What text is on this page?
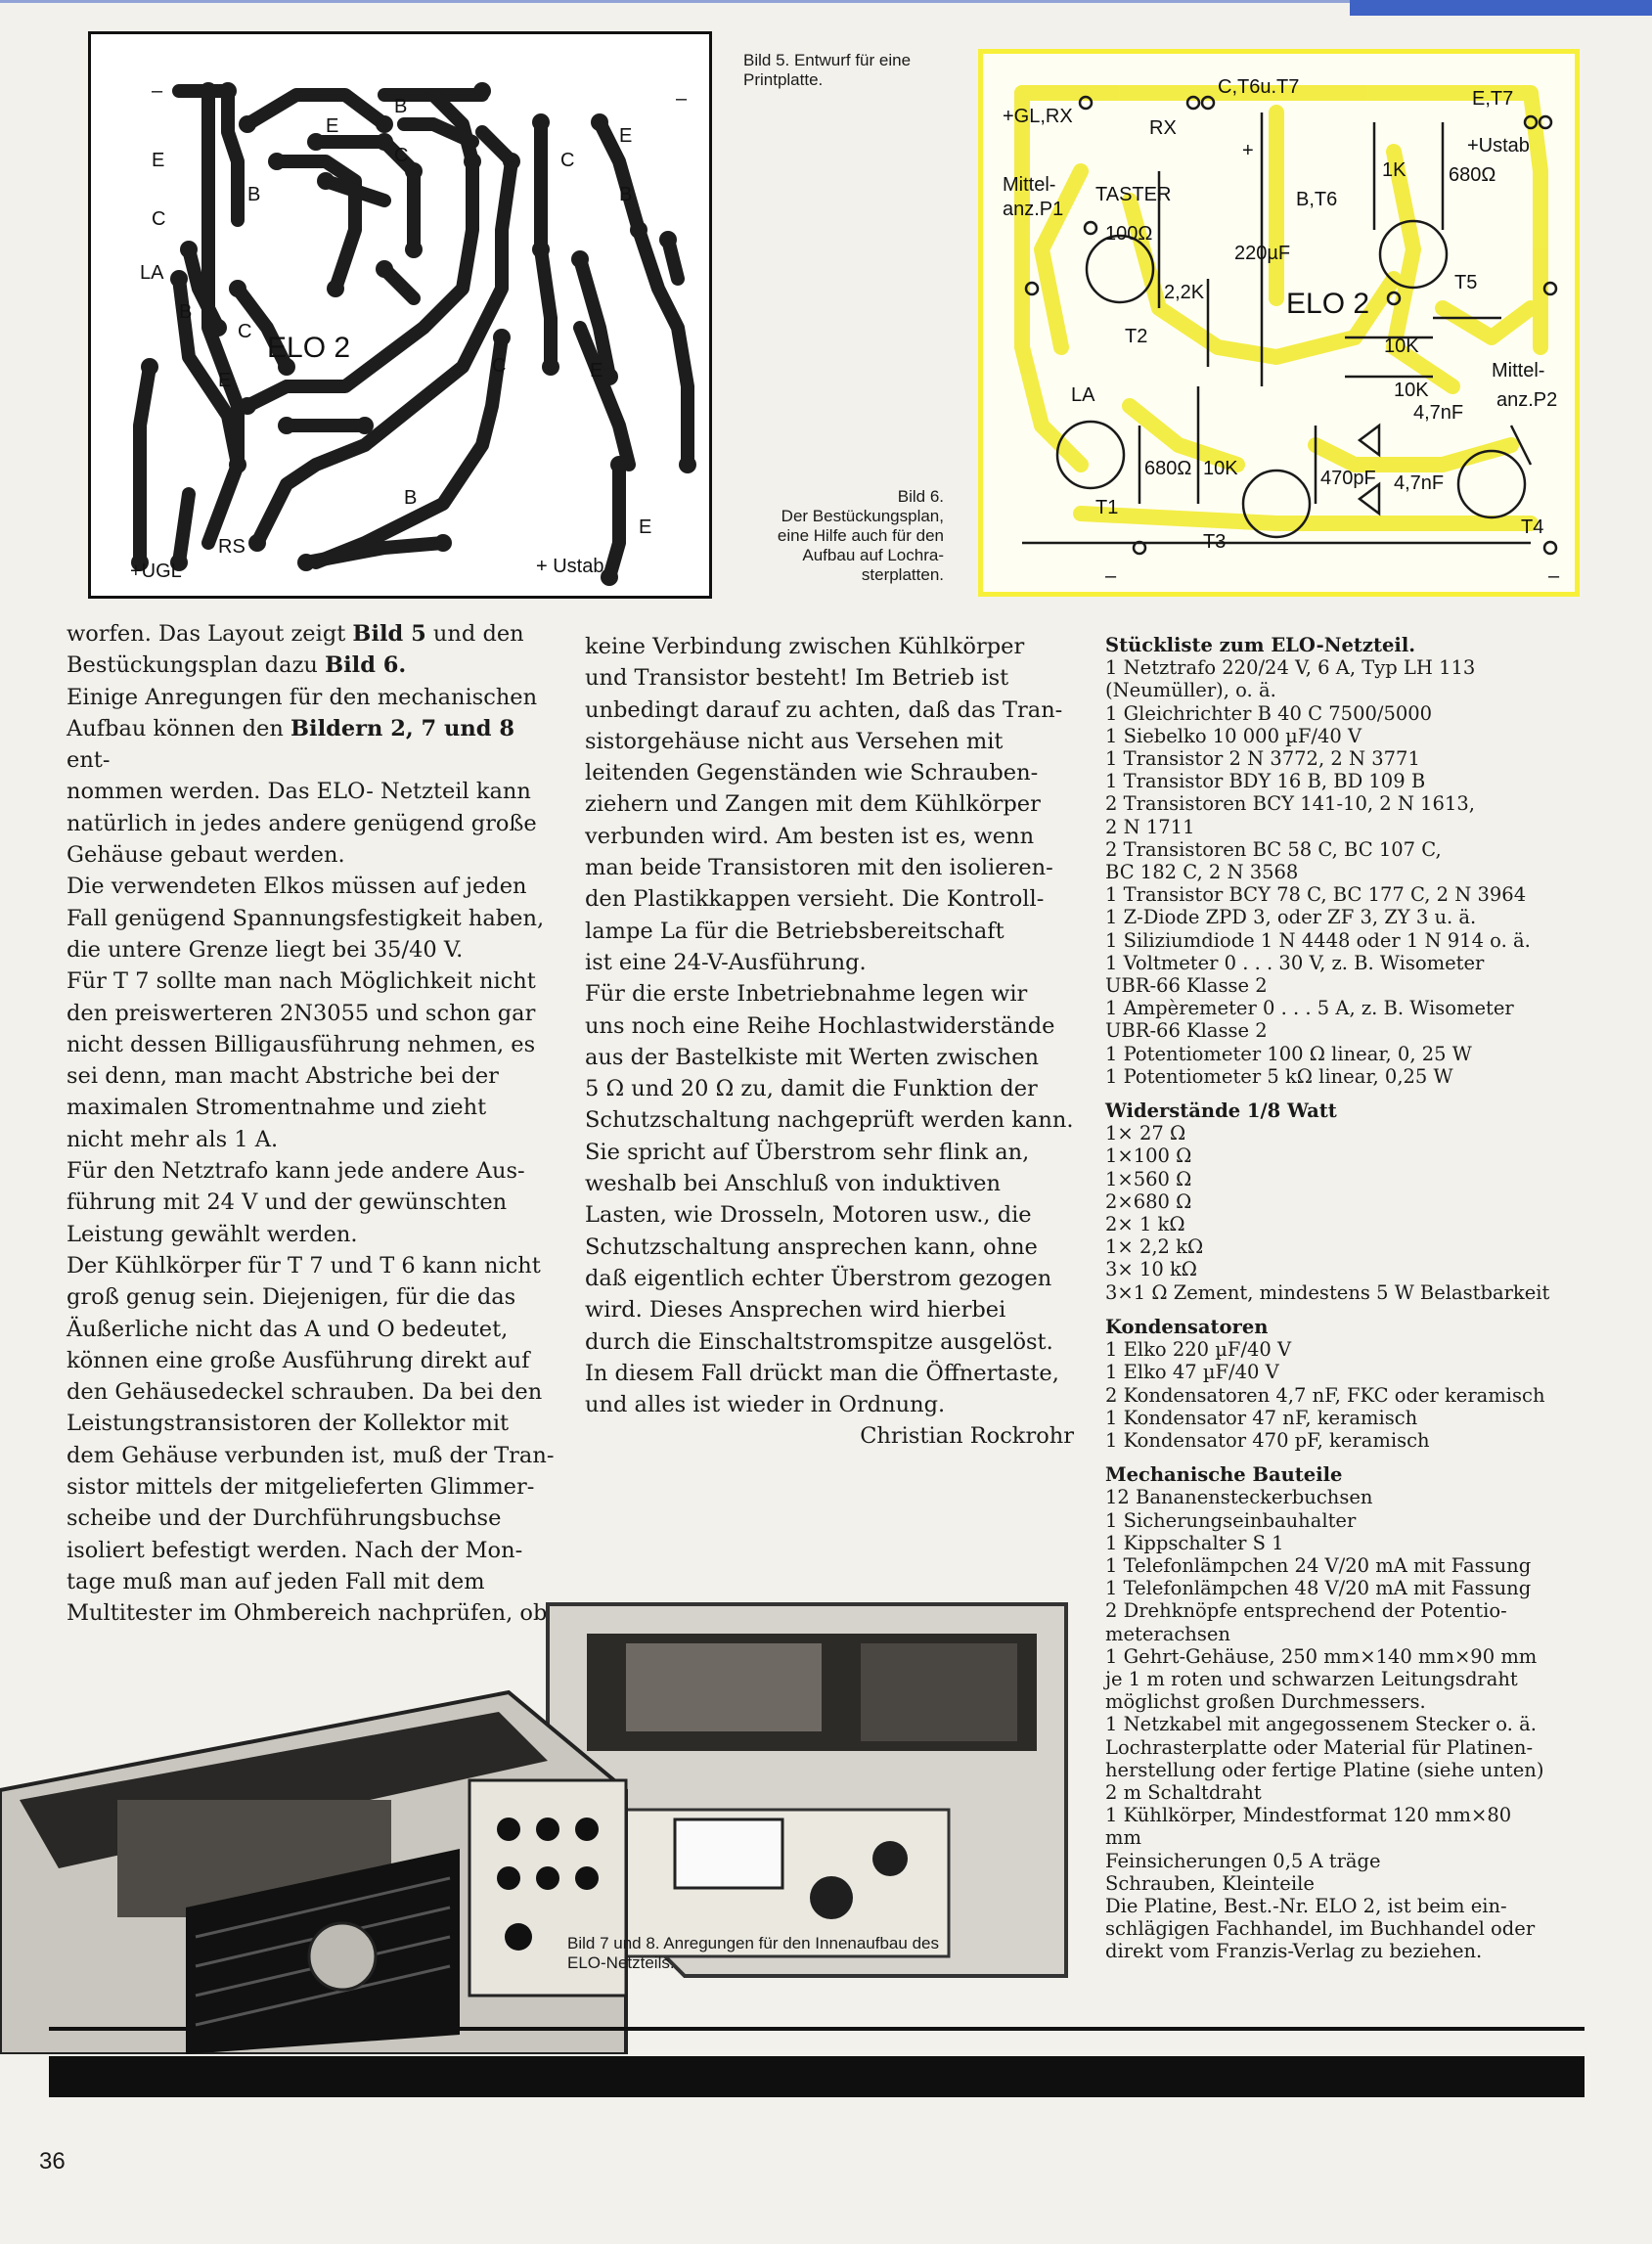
ELO 2
–	–
+UGL
RS
+ Ustab
LA
E
B
C
E
B
E
C
B
C
E
B
C
E
C
B
E
Bild 5. Entwurf für eine
Printplatte.
Bild 6.
Der Bestückungsplan,
eine Hilfe auch für den
Aufbau auf Lochra-
sterplatten.
ELO 2
+GL,RX
RX
C,T6u.T7
E,T7
+Ustab
Mittel-
anz.P1
TASTER
100Ω
B,T6
1K 680Ω
220µF
2,2K
T2
T5
10K
Mittel-
anz.P2
10K
4,7nF
LA
680Ω 10K	470pF 4,7nF
T1
T3
T4
–	–
+

worfen. Das Layout zeigt Bild 5 und den

Bestückungsplan dazu Bild 6.

Einige Anregungen für den mechanischen

Aufbau können den Bildern 2, 7 und 8 ent-

nommen werden. Das ELO- Netzteil kann

natürlich in jedes andere genügend große

Gehäuse gebaut werden.

Die verwendeten Elkos müssen auf jeden

Fall genügend Spannungsfestigkeit haben,

die untere Grenze liegt bei 35/40 V.

Für T 7 sollte man nach Möglichkeit nicht

den preiswerteren 2N3055 und schon gar

nicht dessen Billigausführung nehmen, es

sei denn, man macht Abstriche bei der

maximalen Stromentnahme und zieht

nicht mehr als 1 A.

Für den Netztrafo kann jede andere Aus-

führung mit 24 V und der gewünschten

Leistung gewählt werden.

Der Kühlkörper für T 7 und T 6 kann nicht

groß genug sein. Diejenigen, für die das

Äußerliche nicht das A und O bedeutet,

können eine große Ausführung direkt auf

den Gehäusedeckel schrauben. Da bei den

Leistungstransistoren der Kollektor mit

dem Gehäuse verbunden ist, muß der Tran-

sistor mittels der mitgelieferten Glimmer-

scheibe und der Durchführungsbuchse

isoliert befestigt werden. Nach der Mon-

tage muß man auf jeden Fall mit dem

Multitester im Ohmbereich nachprüfen, ob

keine Verbindung zwischen Kühlkörper

und Transistor besteht! Im Betrieb ist

unbedingt darauf zu achten, daß das Tran-

sistorgehäuse nicht aus Versehen mit

leitenden Gegenständen wie Schrauben-

ziehern und Zangen mit dem Kühlkörper

verbunden wird. Am besten ist es, wenn

man beide Transistoren mit den isolieren-

den Plastikkappen versieht. Die Kontroll-

lampe La für die Betriebsbereitschaft

ist eine 24-V-Ausführung.

Für die erste Inbetriebnahme legen wir

uns noch eine Reihe Hochlastwiderstände

aus der Bastelkiste mit Werten zwischen

5 Ω und 20 Ω zu, damit die Funktion der

Schutzschaltung nachgeprüft werden kann.

Sie spricht auf Überstrom sehr flink an,

weshalb bei Anschluß von induktiven

Lasten, wie Drosseln, Motoren usw., die

Schutzschaltung ansprechen kann, ohne

daß eigentlich echter Überstrom gezogen

wird. Dieses Ansprechen wird hierbei

durch die Einschaltstromspitze ausgelöst.

In diesem Fall drückt man die Öffnertaste,

und alles ist wieder in Ordnung.

Christian Rockrohr

Stückliste zum ELO-Netzteil.
1 Netztrafo 220/24 V, 6 A, Typ LH 113
(Neumüller), o. ä.
1 Gleichrichter B 40 C 7500/5000
1 Siebelko 10 000 µF/40 V
1 Transistor 2 N 3772, 2 N 3771
1 Transistor BDY 16 B, BD 109 B
2 Transistoren BCY 141-10, 2 N 1613,
2 N 1711
2 Transistoren BC 58 C, BC 107 C,
BC 182 C, 2 N 3568
1 Transistor BCY 78 C, BC 177 C, 2 N 3964
1 Z-Diode ZPD 3, oder ZF 3, ZY 3 u. ä.
1 Siliziumdiode 1 N 4448 oder 1 N 914 o. ä.
1 Voltmeter 0 . . . 30 V, z. B. Wisometer
UBR-66 Klasse 2
1 Ampèremeter 0 . . . 5 A, z. B. Wisometer
UBR-66 Klasse 2
1 Potentiometer 100 Ω linear, 0, 25 W
1 Potentiometer 5 kΩ linear, 0,25 W
Widerstände 1/8 Watt
1× 27 Ω
1×100 Ω
1×560 Ω
2×680 Ω
2× 1 kΩ
1× 2,2 kΩ
3× 10 kΩ
3×1 Ω Zement, mindestens 5 W Belastbarkeit
Kondensatoren
1 Elko 220 µF/40 V
1 Elko 47 µF/40 V
2 Kondensatoren 4,7 nF, FKC oder keramisch
1 Kondensator 47 nF, keramisch
1 Kondensator 470 pF, keramisch
Mechanische Bauteile
12 Bananensteckerbuchsen
1 Sicherungseinbauhalter
1 Kippschalter S 1
1 Telefonlämpchen 24 V/20 mA mit Fassung
1 Telefonlämpchen 48 V/20 mA mit Fassung
2 Drehknöpfe entsprechend der Potentio-
meterachsen
1 Gehrt-Gehäuse, 250 mm×140 mm×90 mm
je 1 m roten und schwarzen Leitungsdraht
möglichst großen Durchmessers.
1 Netzkabel mit angegossenem Stecker o. ä.
Lochrasterplatte oder Material für Platinen-
herstellung oder fertige Platine (siehe unten)
2 m Schaltdraht
1 Kühlkörper, Mindestformat 120 mm×80
mm
Feinsicherungen 0,5 A träge
Schrauben, Kleinteile
Die Platine, Best.-Nr. ELO 2, ist beim ein-
schlägigen Fachhandel, im Buchhandel oder
direkt vom Franzis-Verlag zu beziehen.
Bild 7 und 8. Anregungen für den Innenaufbau des
ELO-Netzteils.
36
